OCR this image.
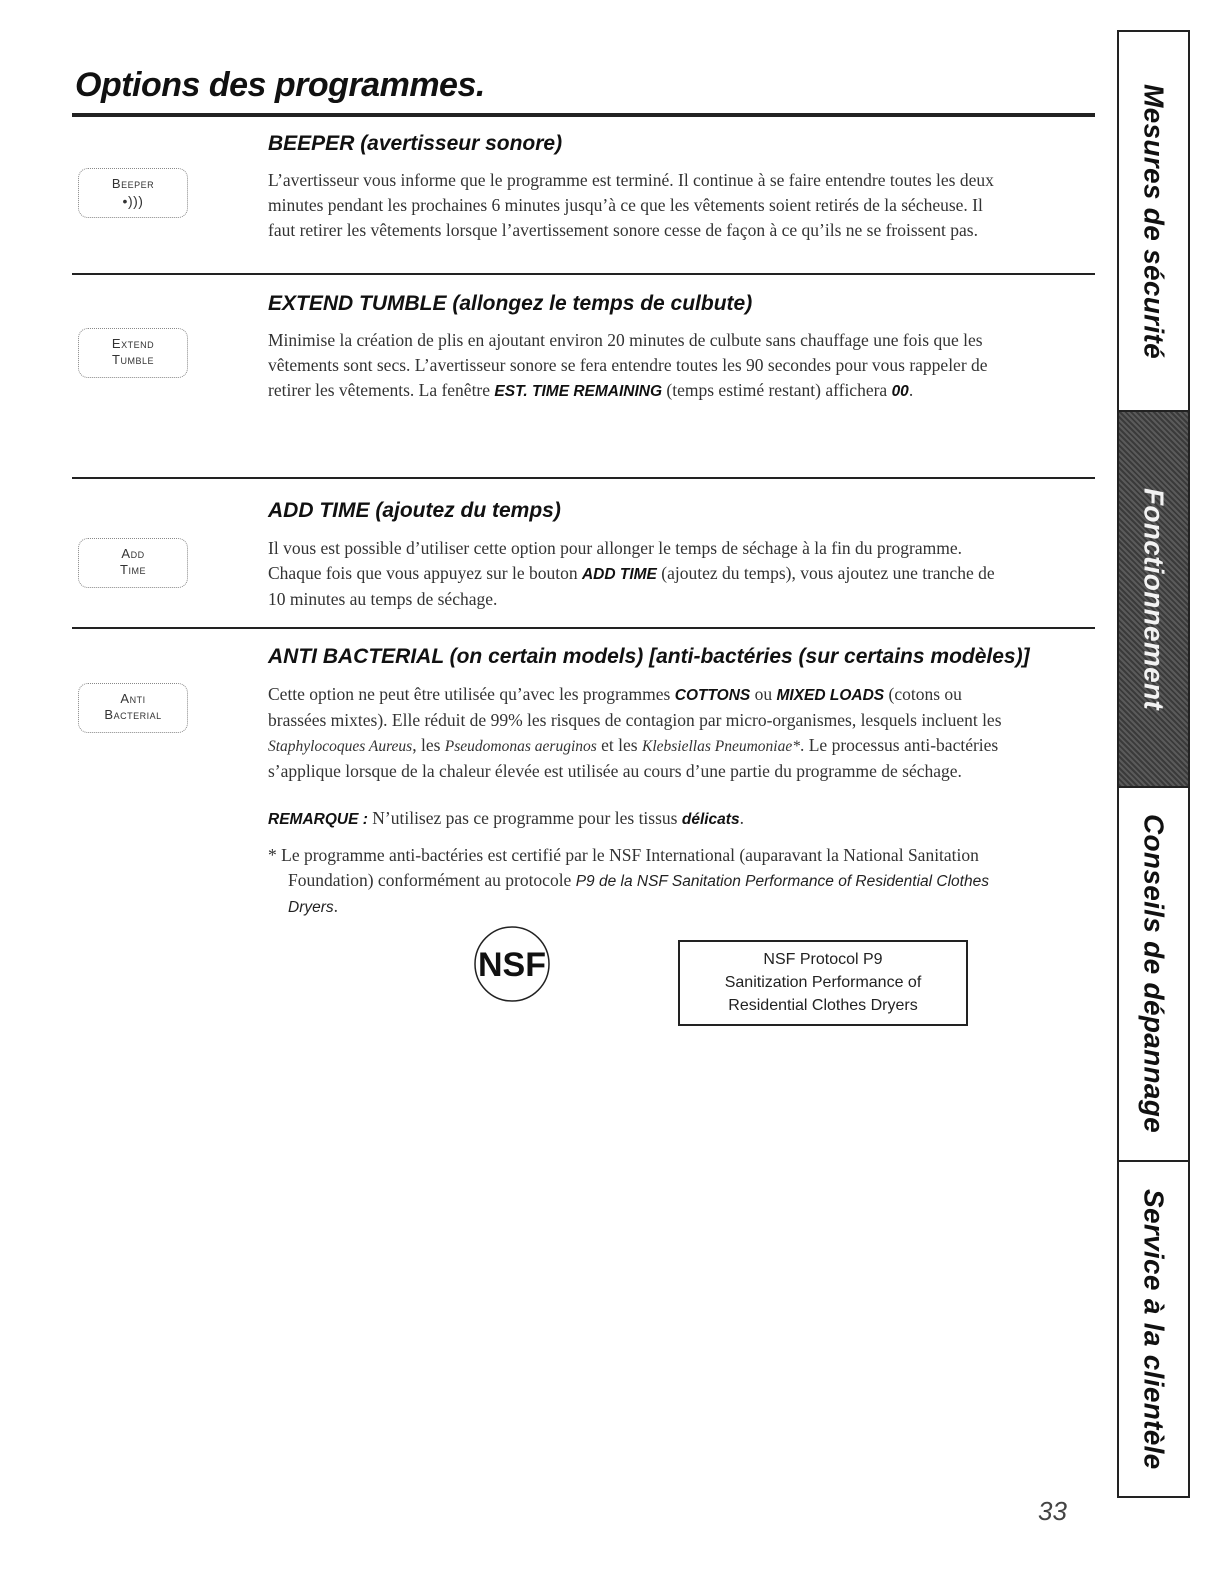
Options des programmes.
Beeper
•)))
BEEPER (avertisseur sonore)

L’avertisseur vous informe que le programme est terminé. Il continue à se faire entendre toutes les deux minutes pendant les prochaines 6 minutes jusqu’à ce que les vêtements soient retirés de la sécheuse. Il faut retirer les vêtements lorsque l’avertissement sonore cesse de façon à ce qu’ils ne se froissent pas.

Extend
Tumble
EXTEND TUMBLE (allongez le temps de culbute)

Minimise la création de plis en ajoutant environ 20 minutes de culbute sans chauffage une fois que les vêtements sont secs. L’avertisseur sonore se fera entendre toutes les 90 secondes pour vous rappeler de retirer les vêtements. La fenêtre EST. TIME REMAINING (temps estimé restant) affichera 00.

Add
Time
ADD TIME (ajoutez du temps)

Il vous est possible d’utiliser cette option pour allonger le temps de séchage à la fin du programme. Chaque fois que vous appuyez sur le bouton ADD TIME (ajoutez du temps), vous ajoutez une tranche de 10 minutes au temps de séchage.

Anti
Bacterial
ANTI BACTERIAL (on certain models) [anti-bactéries (sur certains modèles)]

Cette option ne peut être utilisée qu’avec les programmes COTTONS ou MIXED LOADS (cotons ou brassées mixtes). Elle réduit de 99% les risques de contagion par micro-organismes, lesquels incluent les Staphylocoques Aureus, les Pseudomonas aeruginos et les Klebsiellas Pneumoniae*. Le processus anti-bactéries s’applique lorsque de la chaleur élevée est utilisée au cours d’une partie du programme de séchage.

REMARQUE : N’utilisez pas ce programme pour les tissus délicats.

* Le programme anti-bactéries est certifié par le NSF International (auparavant la National Sanitation Foundation) conformément au protocole P9 de la NSF Sanitation Performance of Residential Clothes Dryers.

NSF	NSF Protocol P9
Sanitization Performance of
Residential Clothes Dryers
33
Mesures de sécurité
Fonctionnement
Conseils de dépannage
Service à la clientèle
